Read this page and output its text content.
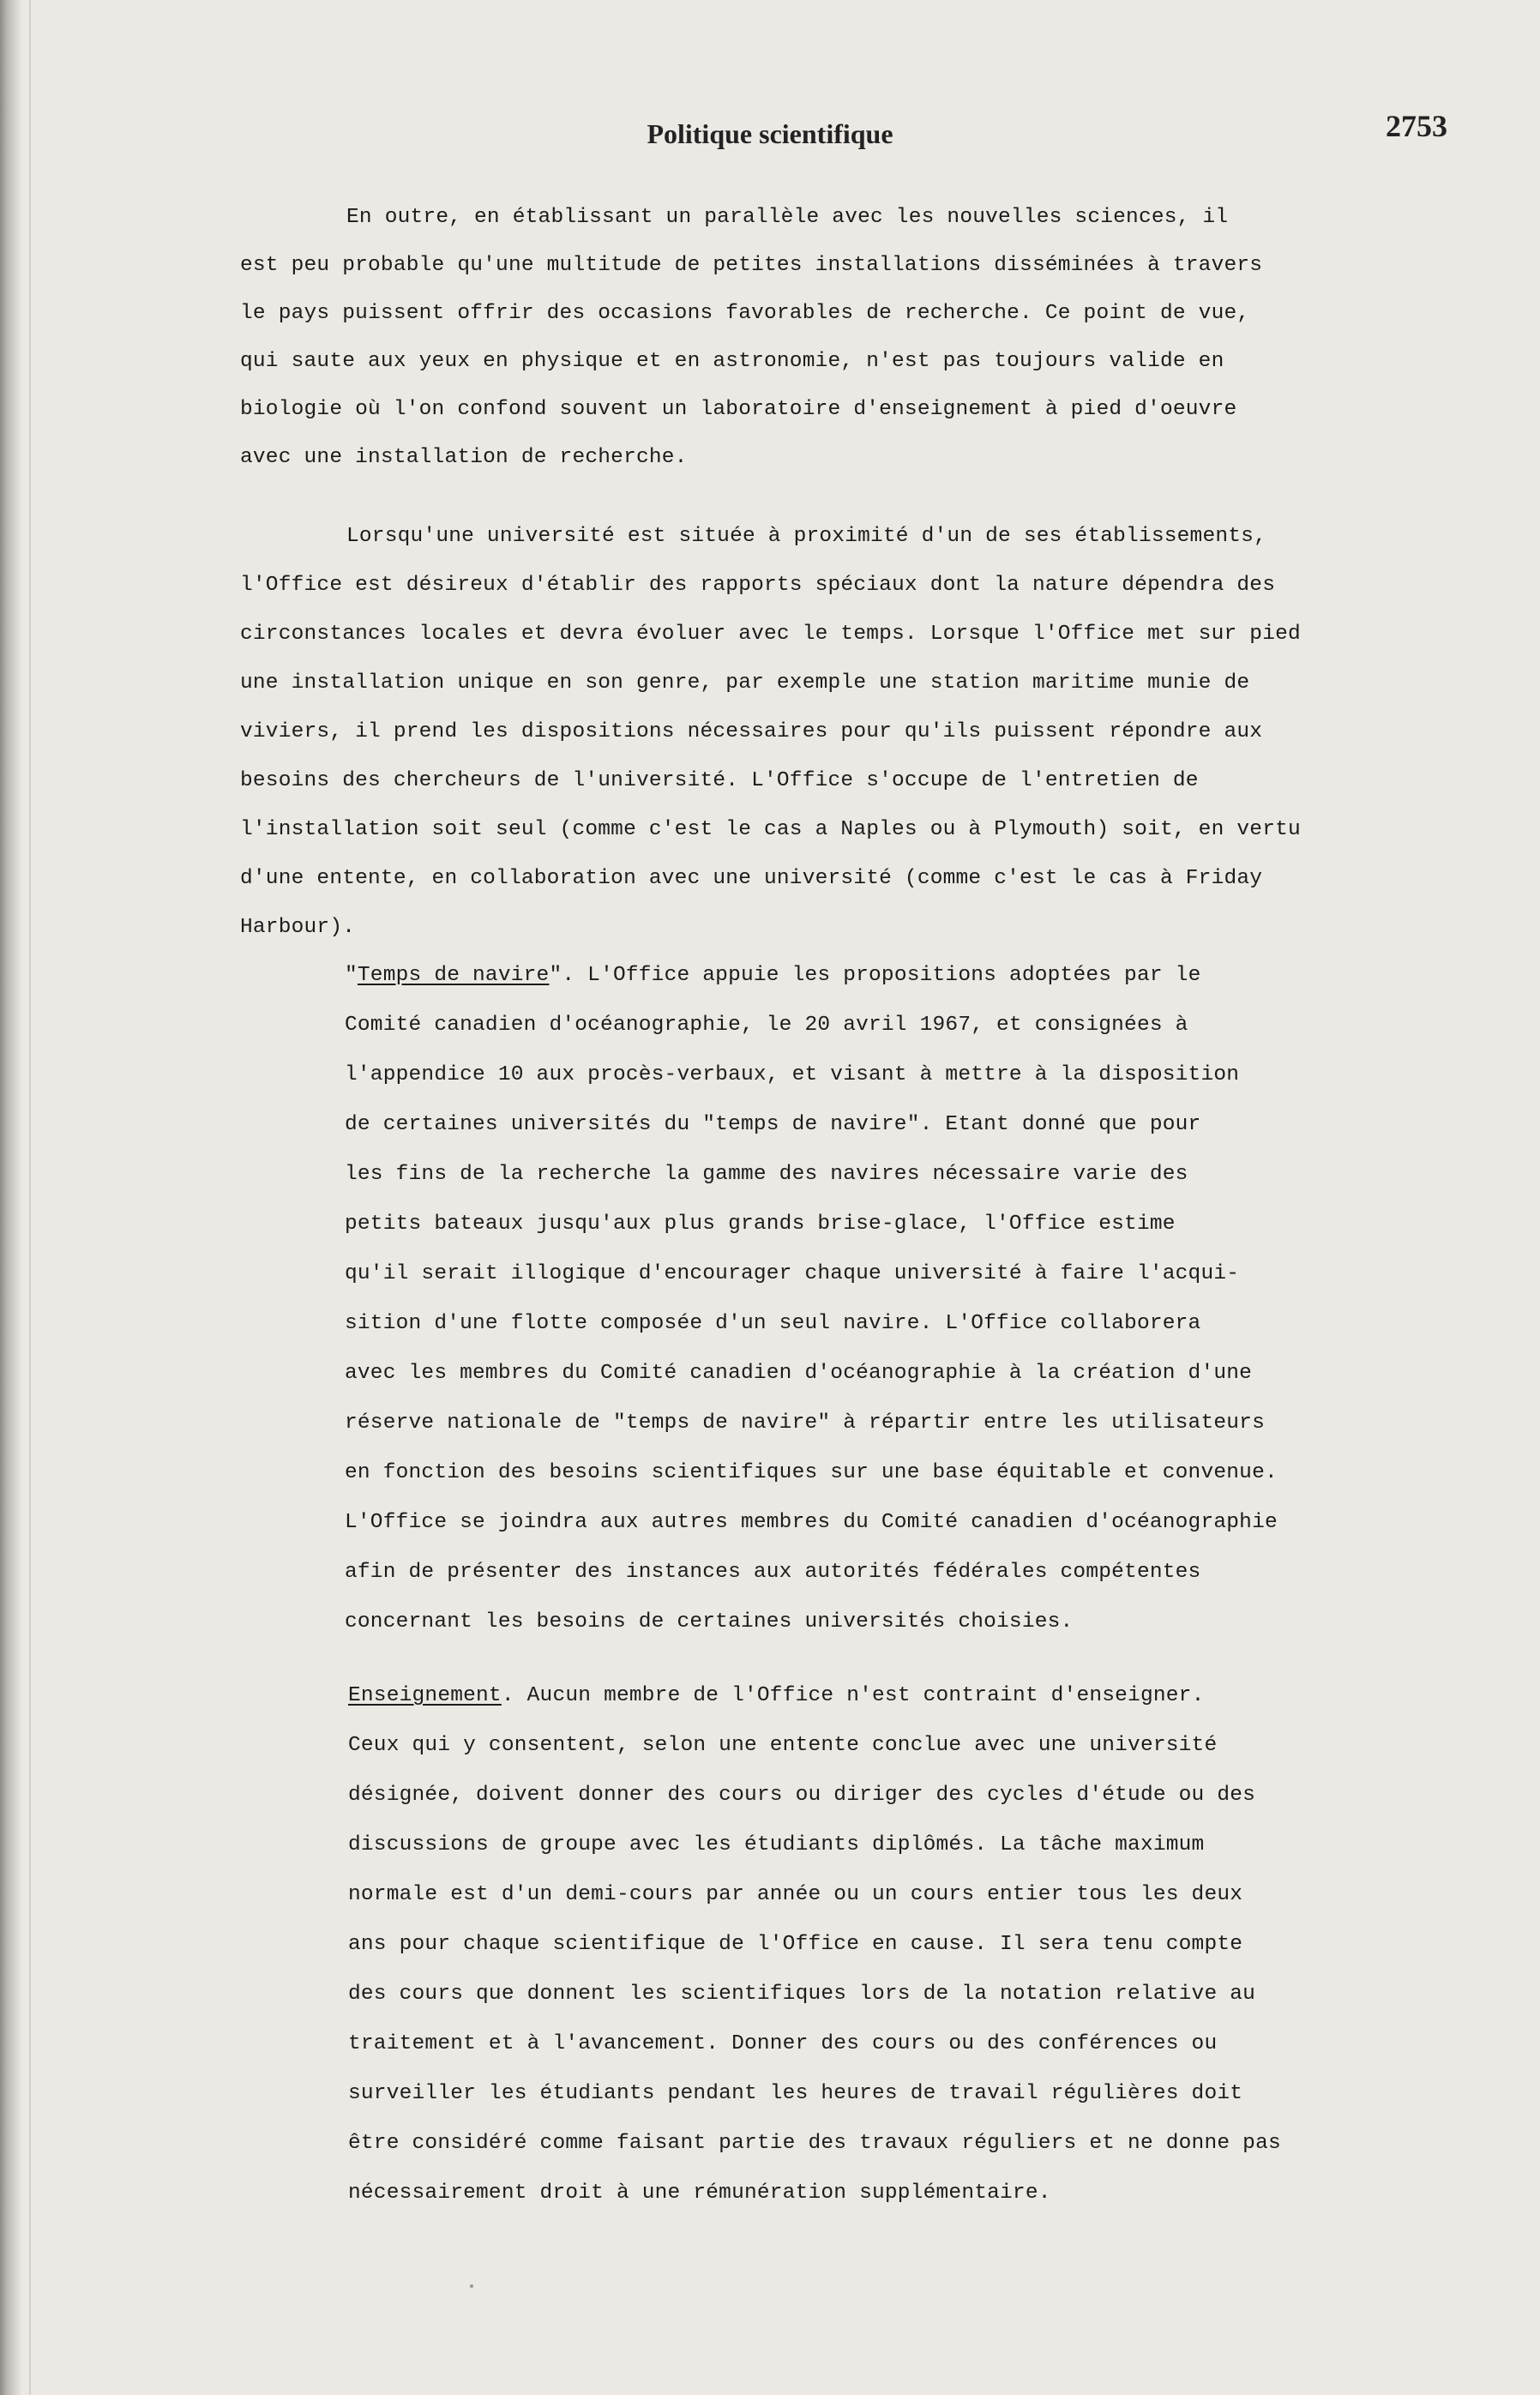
Politique scientifique	2753
En outre, en établissant un parallèle avec les nouvelles sciences, il
est peu probable qu'une multitude de petites installations disséminées à travers
le pays puissent offrir des occasions favorables de recherche. Ce point de vue,
qui saute aux yeux en physique et en astronomie, n'est pas toujours valide en
biologie où l'on confond souvent un laboratoire d'enseignement à pied d'oeuvre
avec une installation de recherche.
Lorsqu'une université est située à proximité d'un de ses établissements,
l'Office est désireux d'établir des rapports spéciaux dont la nature dépendra des
circonstances locales et devra évoluer avec le temps. Lorsque l'Office met sur pied
une installation unique en son genre, par exemple une station maritime munie de
viviers, il prend les dispositions nécessaires pour qu'ils puissent répondre aux
besoins des chercheurs de l'université. L'Office s'occupe de l'entretien de
l'installation soit seul (comme c'est le cas a Naples ou à Plymouth) soit, en vertu
d'une entente, en collaboration avec une université (comme c'est le cas à Friday
Harbour).
"Temps de navire". L'Office appuie les propositions adoptées par le
Comité canadien d'océanographie, le 20 avril 1967, et consignées à
l'appendice 10 aux procès-verbaux, et visant à mettre à la disposition
de certaines universités du "temps de navire". Etant donné que pour
les fins de la recherche la gamme des navires nécessaire varie des
petits bateaux jusqu'aux plus grands brise-glace, l'Office estime
qu'il serait illogique d'encourager chaque université à faire l'acqui-
sition d'une flotte composée d'un seul navire. L'Office collaborera
avec les membres du Comité canadien d'océanographie à la création d'une
réserve nationale de "temps de navire" à répartir entre les utilisateurs
en fonction des besoins scientifiques sur une base équitable et convenue.
L'Office se joindra aux autres membres du Comité canadien d'océanographie
afin de présenter des instances aux autorités fédérales compétentes
concernant les besoins de certaines universités choisies.
Enseignement. Aucun membre de l'Office n'est contraint d'enseigner.
Ceux qui y consentent, selon une entente conclue avec une université
désignée, doivent donner des cours ou diriger des cycles d'étude ou des
discussions de groupe avec les étudiants diplômés. La tâche maximum
normale est d'un demi-cours par année ou un cours entier tous les deux
ans pour chaque scientifique de l'Office en cause. Il sera tenu compte
des cours que donnent les scientifiques lors de la notation relative au
traitement et à l'avancement. Donner des cours ou des conférences ou
surveiller les étudiants pendant les heures de travail régulières doit
être considéré comme faisant partie des travaux réguliers et ne donne pas
nécessairement droit à une rémunération supplémentaire.
